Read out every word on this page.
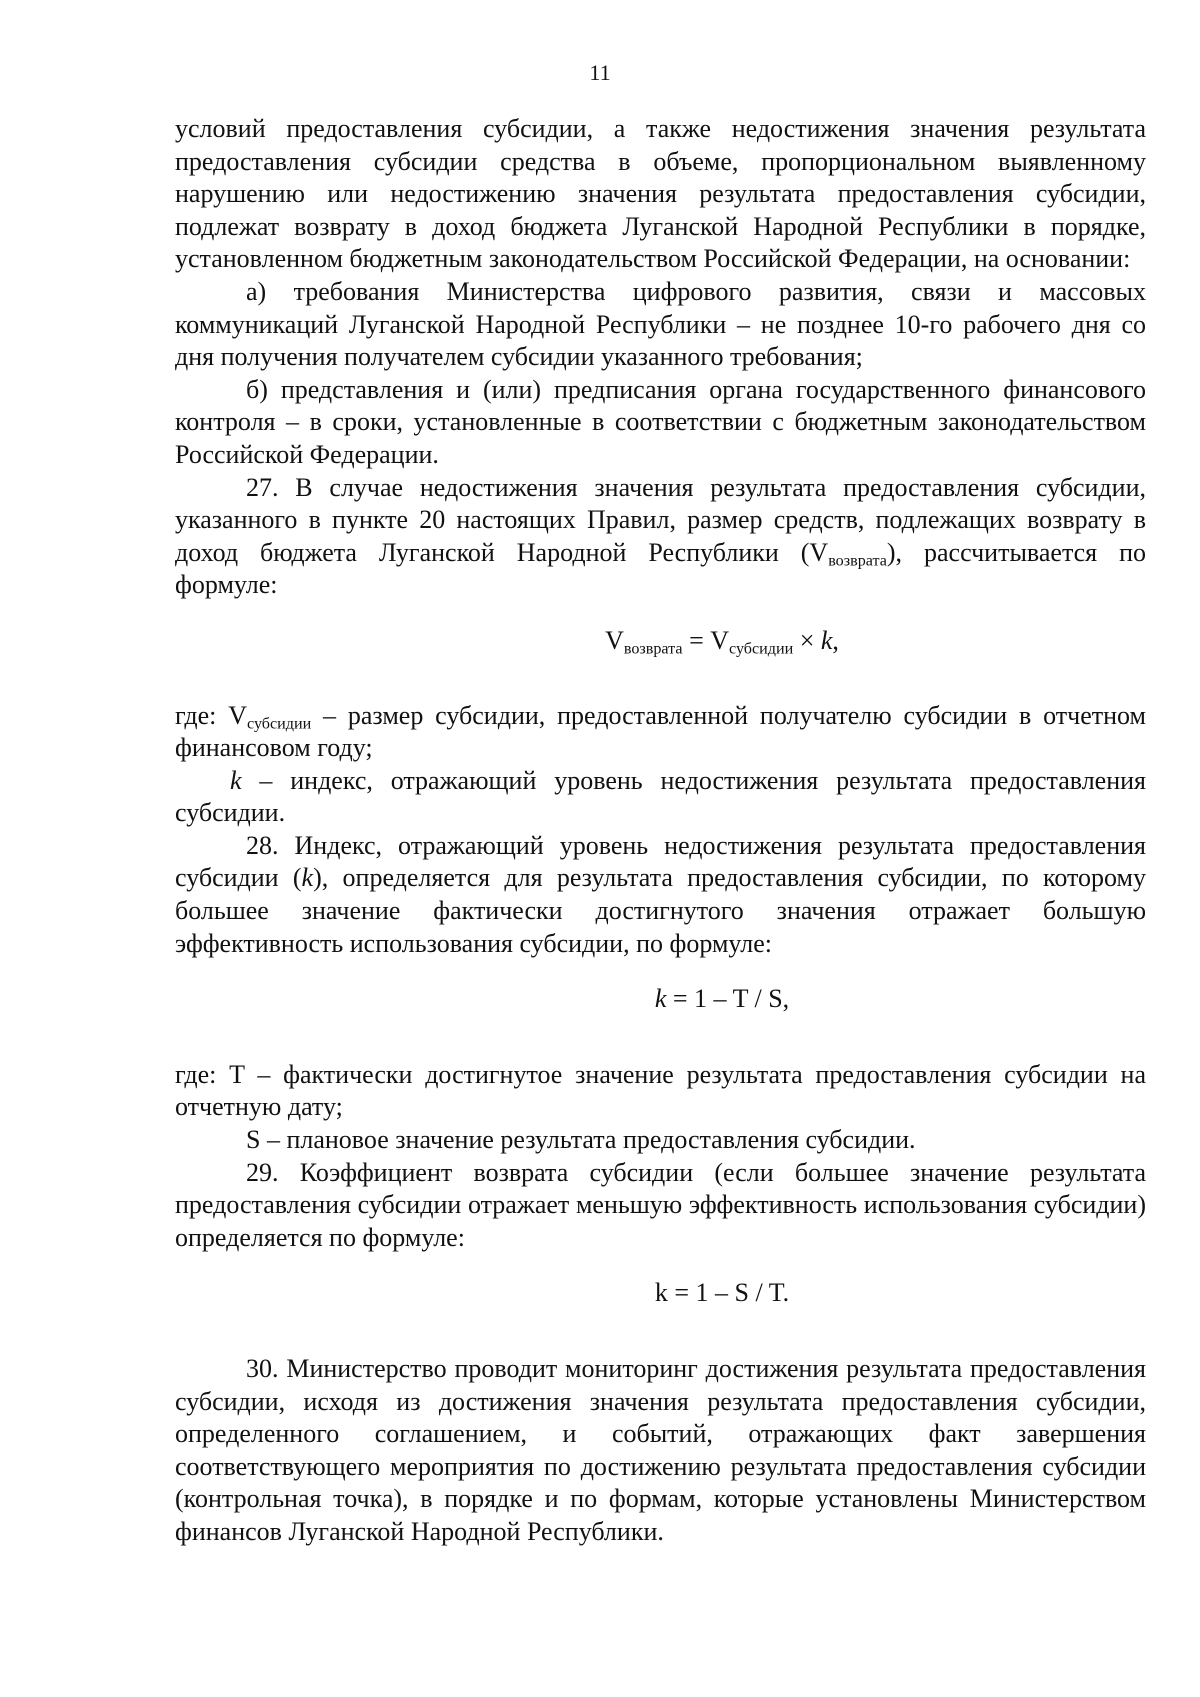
11

условий предоставления субсидии, а также недостижения значения результата предоставления субсидии средства в объеме, пропорциональном выявленному нарушению или недостижению значения результата предоставления субсидии, подлежат возврату в доход бюджета Луганской Народной Республики в порядке, установленном бюджетным законодательством Российской Федерации, на основании:

а) требования Министерства цифрового развития, связи и массовых коммуникаций Луганской Народной Республики – не позднее 10-го рабочего дня со дня получения получателем субсидии указанного требования;

б) представления и (или) предписания органа государственного финансового контроля – в сроки, установленные в соответствии с бюджетным законодательством Российской Федерации.

27. В случае недостижения значения результата предоставления субсидии, указанного в пункте 20 настоящих Правил, размер средств, подлежащих возврату в доход бюджета Луганской Народной Республики $(V_{возврата})$, рассчитывается по формуле:

$V_{возврата} = V_{субсидии} \times k$,

где: $V_{субсидии}$ – размер субсидии, предоставленной получателю субсидии в отчетном финансовом году;

k – индекс, отражающий уровень недостижения результата предоставления субсидии.

28. Индекс, отражающий уровень недостижения результата предоставления субсидии (k), определяется для результата предоставления субсидии, по которому большее значение фактически достигнутого значения отражает большую эффективность использования субсидии, по формуле:

k = 1 – T / S,

где: T – фактически достигнутое значение результата предоставления субсидии на отчетную дату;

S – плановое значение результата предоставления субсидии.

29. Коэффициент возврата субсидии (если большее значение результата предоставления субсидии отражает меньшую эффективность использования субсидии) определяется по формуле:

k = 1 – S / T.

30. Министерство проводит мониторинг достижения результата предоставления субсидии, исходя из достижения значения результата предоставления субсидии, определенного соглашением, и событий, отражающих факт завершения соответствующего мероприятия по достижению результата предоставления субсидии (контрольная точка), в порядке и по формам, которые установлены Министерством финансов Луганской Народной Республики.
